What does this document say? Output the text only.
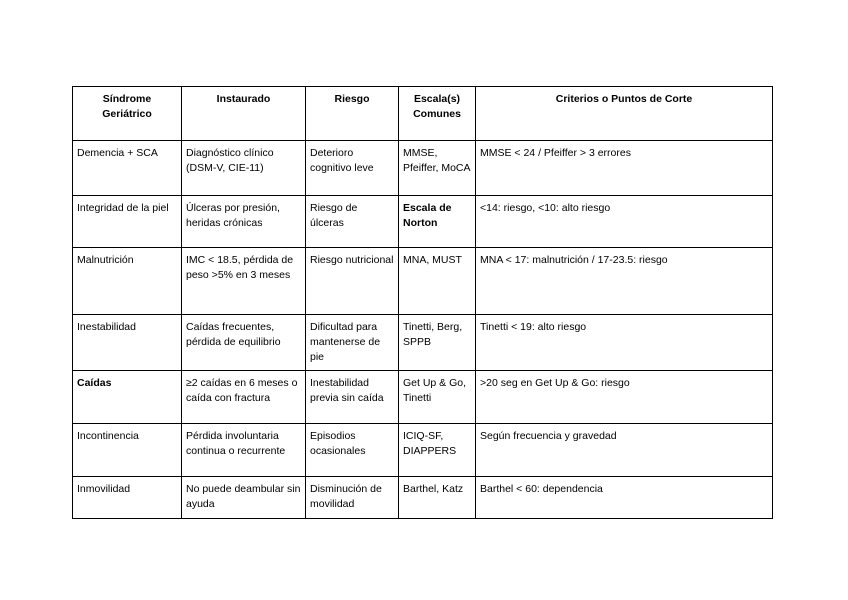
Síndrome Geriátrico	Instaurado	Riesgo	Escala(s) Comunes	Criterios o Puntos de Corte
Demencia + SCA	Diagnóstico clínico (DSM-V, CIE-11)	Deterioro cognitivo leve	MMSE, Pfeiffer, MoCA	MMSE < 24 / Pfeiffer > 3 errores
Integridad de la piel	Úlceras por presión, heridas crónicas	Riesgo de úlceras	Escala de Norton	<14: riesgo, <10: alto riesgo
Malnutrición	IMC < 18.5, pérdida de peso >5% en 3 meses	Riesgo nutricional	MNA, MUST	MNA < 17: malnutrición / 17-23.5: riesgo
Inestabilidad	Caídas frecuentes, pérdida de equilibrio	Dificultad para mantenerse de pie	Tinetti, Berg, SPPB	Tinetti < 19: alto riesgo
Caídas	≥2 caídas en 6 meses o caída con fractura	Inestabilidad previa sin caída	Get Up & Go, Tinetti	>20 seg en Get Up & Go: riesgo
Incontinencia	Pérdida involuntaria continua o recurrente	Episodios ocasionales	ICIQ-SF, DIAPPERS	Según frecuencia y gravedad
Inmovilidad	No puede deambular sin ayuda	Disminución de movilidad	Barthel, Katz	Barthel < 60: dependencia
